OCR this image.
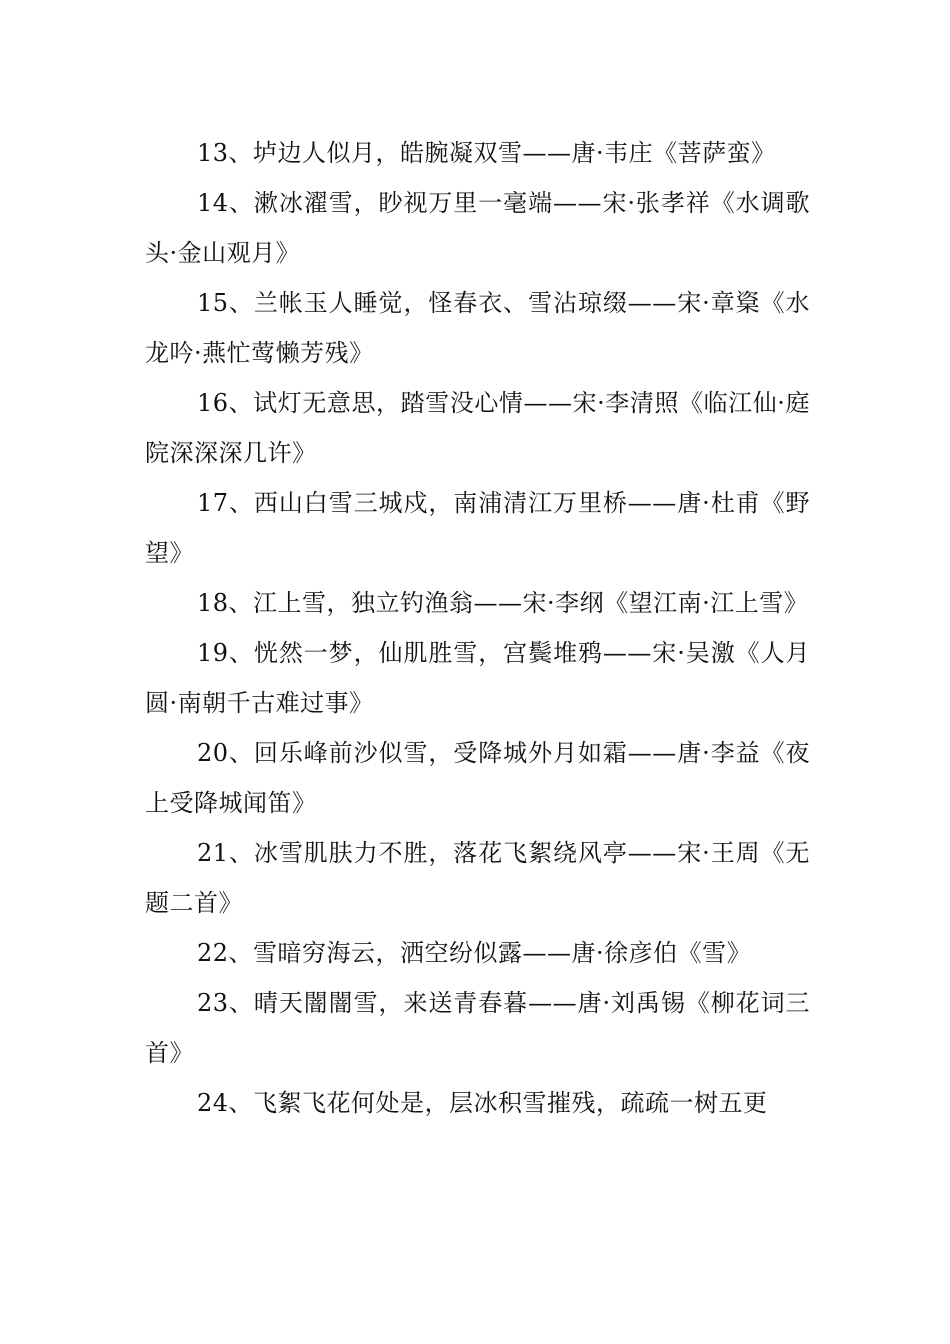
13、垆边人似月，皓腕凝双雪——唐·韦庄《菩萨蛮》

14、漱冰濯雪，眇视万里一毫端——宋·张孝祥《水调歌头·金山观月》

15、兰帐玉人睡觉，怪春衣、雪沾琼缀——宋·章楶《水龙吟·燕忙莺懒芳残》

16、试灯无意思，踏雪没心情——宋·李清照《临江仙·庭院深深深几许》

17、西山白雪三城戍，南浦清江万里桥——唐·杜甫《野望》

18、江上雪，独立钓渔翁——宋·李纲《望江南·江上雪》

19、恍然一梦，仙肌胜雪，宫鬓堆鸦——宋·吴激《人月圆·南朝千古难过事》

20、回乐峰前沙似雪，受降城外月如霜——唐·李益《夜上受降城闻笛》

21、冰雪肌肤力不胜，落花飞絮绕风亭——宋·王周《无题二首》

22、雪暗穷海云，洒空纷似露——唐·徐彦伯《雪》

23、晴天闇闇雪，来送青春暮——唐·刘禹锡《柳花词三首》

24、飞絮飞花何处是，层冰积雪摧残，疏疏一树五更
